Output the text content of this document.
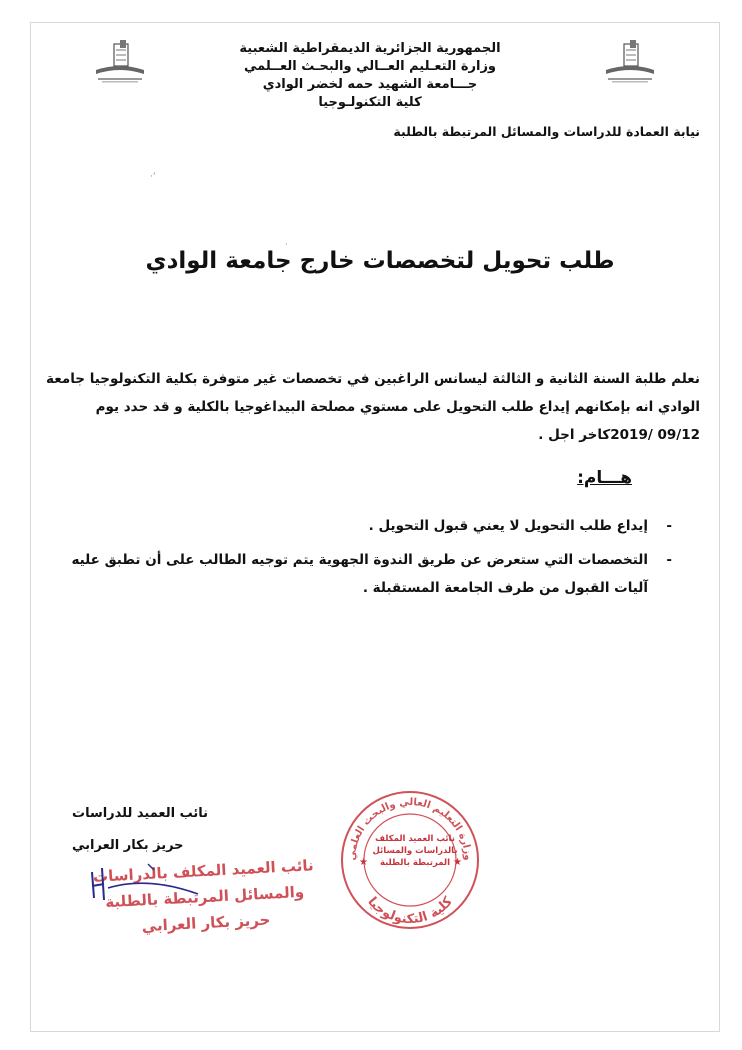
الجمهورية الجزائرية الديمقراطية الشعبية
وزارة التعـليم العــالي والبحـث العــلمي
جـــامعة الشهيد حمه لخضر الوادي
كلية التكنولـوجيا
نيابة العمادة للدراسات والمسائل المرتبطة بالطلبة
·ʻ
·
طلب تحويل لتخصصات خارج جامعة الوادي
نعلم طلبة السنة الثانية و الثالثة ليسانس الراغبين في تخصصات غير متوفرة بكلية التكنولوجيا جامعة
الوادي انه بإمكانهم إيداع طلب التحويل على مستوي مصلحة البيداغوجيا بالكلية و قد حدد يوم
09/12 /2019كاخر اجل .
هـــام:
-
إيداع طلب التحويل لا يعني قبول التحويل .
-
التخصصات التي ستعرض عن طريق الندوة الجهوية يتم توجيه الطالب على أن تطبق عليه
آليات القبول من طرف الجامعة المستقبلة .
نائب العميد للدراسات
حريز بكار العرابي
نائب العميد المكلف بالدراسات
والمسائل المرتبطة بالطلبة
حريز بكار العرابي
وزارة التعليم العالي والبحث العلمي
كلية التكنولوجيا
★	★
نائب العميد المكلف
بالدراسات والمسائل
المرتبطة بالطلبة
